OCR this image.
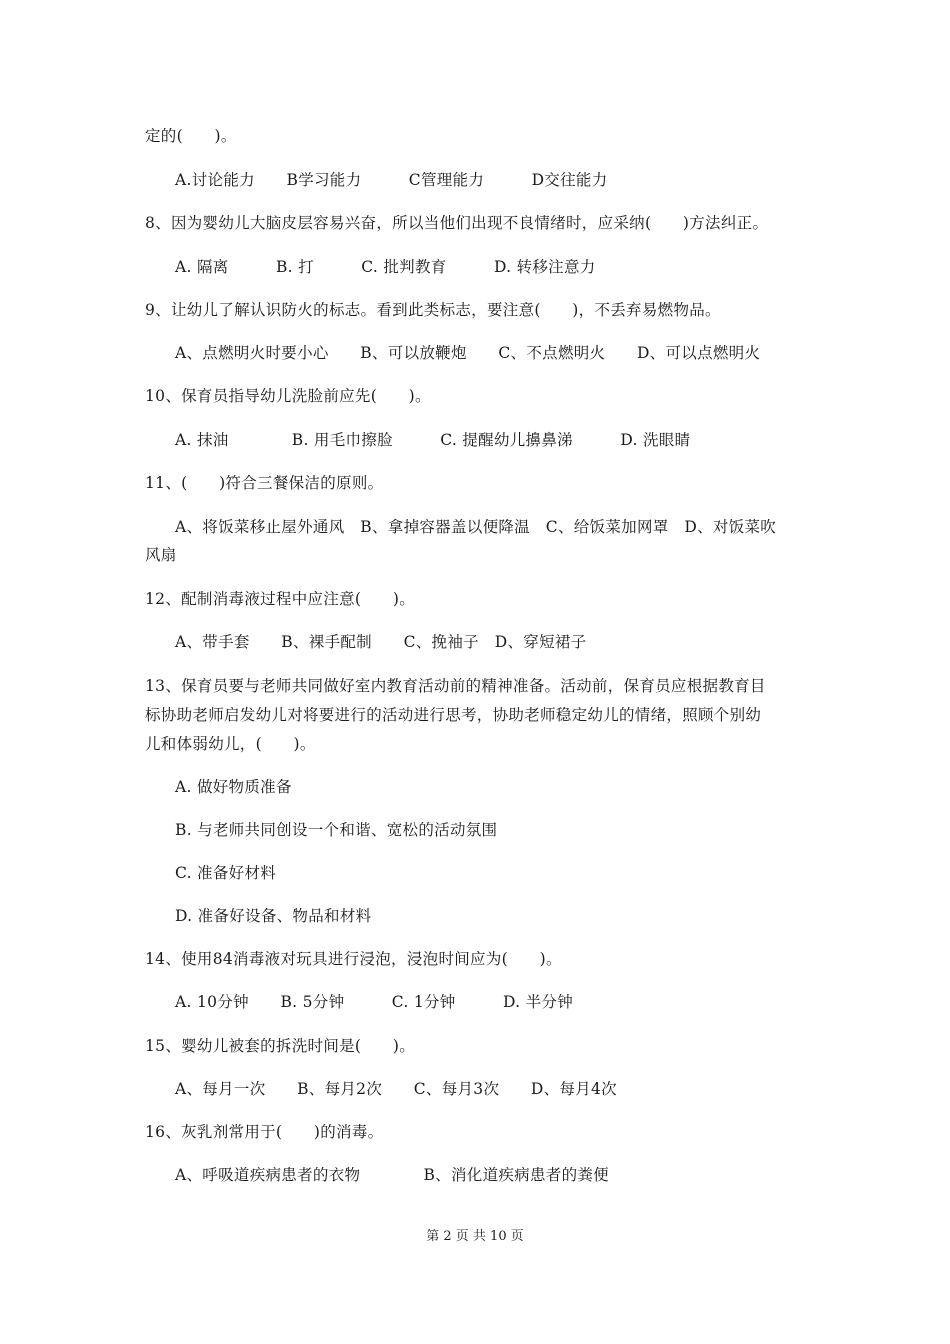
定的(　　)。
A.讨论能力　　B学习能力　　　C管理能力　　　D交往能力
8、因为婴幼儿大脑皮层容易兴奋，所以当他们出现不良情绪时，应采纳(　　)方法纠正。
A. 隔离　　　B. 打　　　C. 批判教育　　　D. 转移注意力
9、让幼儿了解认识防火的标志。看到此类标志，要注意(　　)，不丢弃易燃物品。
A、点燃明火时要小心　　B、可以放鞭炮　　C、不点燃明火　　D、可以点燃明火
10、保育员指导幼儿洗脸前应先(　　)。
A. 抹油　　　　B. 用毛巾擦脸　　　C. 提醒幼儿擤鼻涕　　　D. 洗眼睛
11、(　　)符合三餐保洁的原则。
A、将饭菜移止屋外通风　B、拿掉容器盖以便降温　C、给饭菜加网罩　D、对饭菜吹
风扇
12、配制消毒液过程中应注意(　　)。
A、带手套　　B、裸手配制　　C、挽袖子　D、穿短裙子
13、保育员要与老师共同做好室内教育活动前的精神准备。活动前，保育员应根据教育目
标协助老师启发幼儿对将要进行的活动进行思考，协助老师稳定幼儿的情绪，照顾个别幼
儿和体弱幼儿，(　　)。
A. 做好物质准备
B. 与老师共同创设一个和谐、宽松的活动氛围
C. 准备好材料
D. 准备好设备、物品和材料
14、使用84消毒液对玩具进行浸泡，浸泡时间应为(　　)。
A. 10分钟　　B. 5分钟　　　C. 1分钟　　　D. 半分钟
15、婴幼儿被套的拆洗时间是(　　)。
A、每月一次　　B、每月2次　　C、每月3次　　D、每月4次
16、灰乳剂常用于(　　)的消毒。
A、呼吸道疾病患者的衣物　　　　B、消化道疾病患者的粪便
第 2 页 共 10 页
